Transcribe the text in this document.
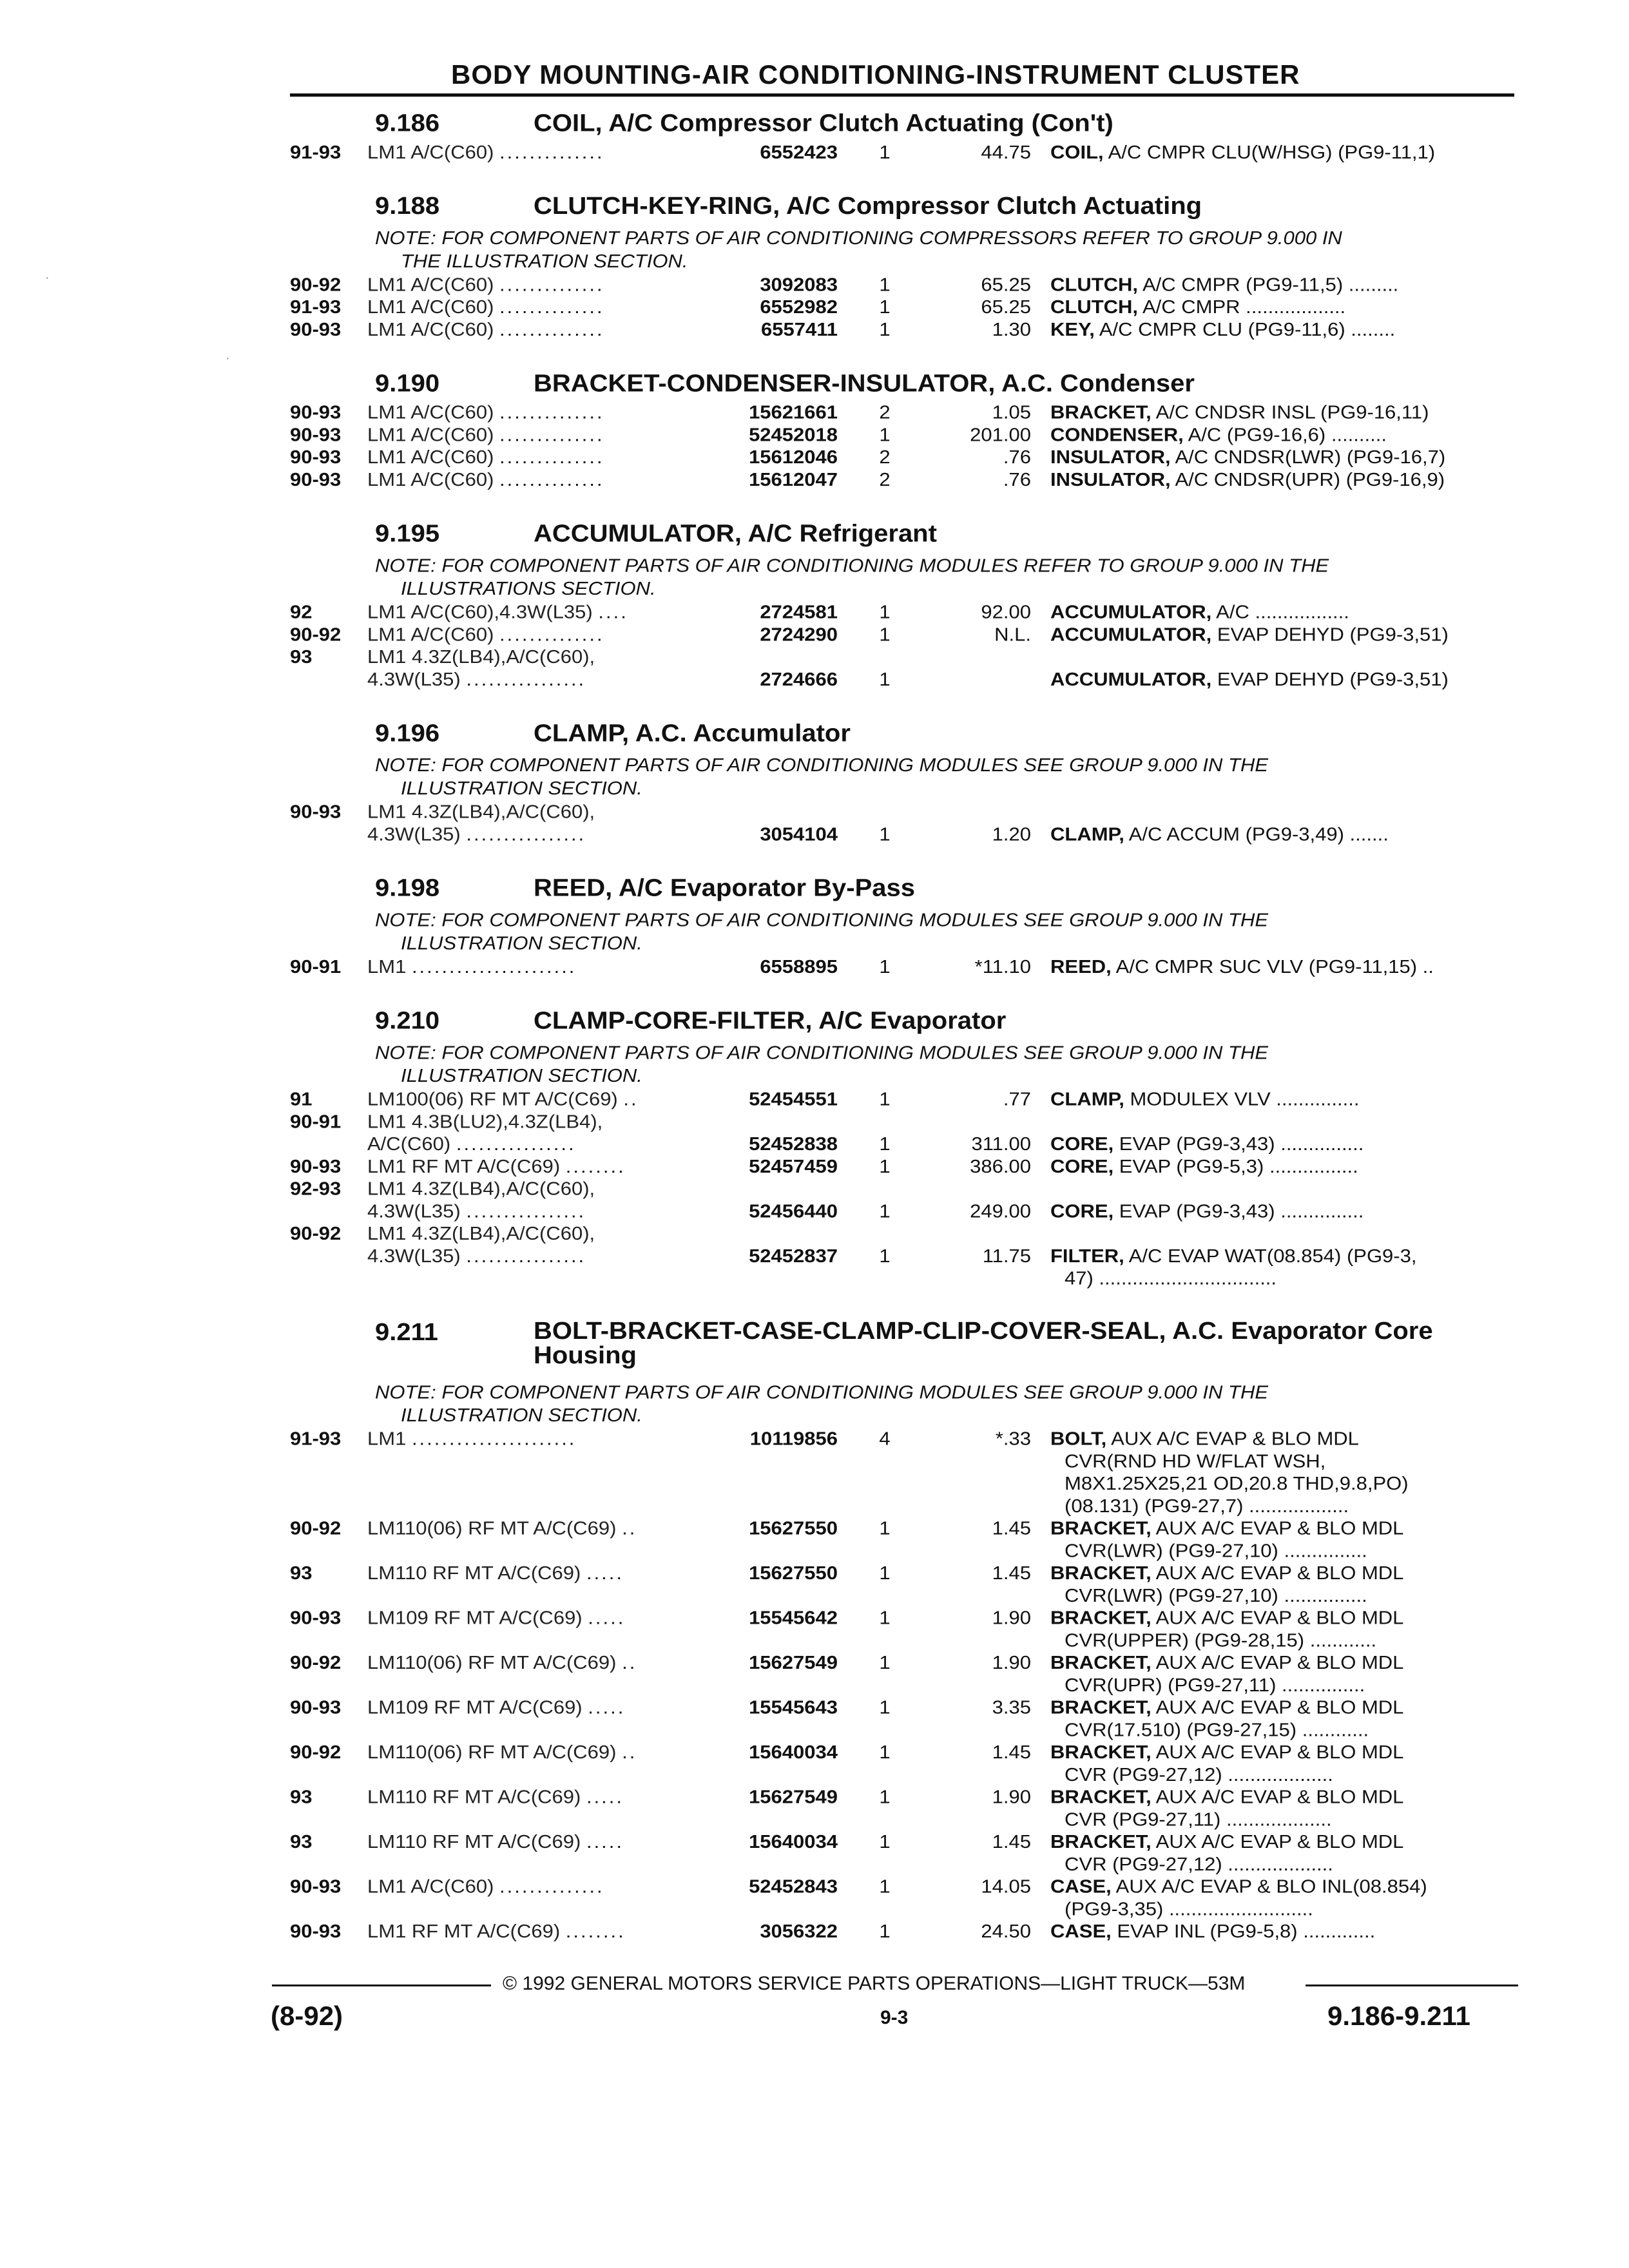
BODY MOUNTING-AIR CONDITIONING-INSTRUMENT CLUSTER
·
·
9.186	COIL, A/C Compressor Clutch Actuating (Con't)
91-93 LM1 A/C(C60) ..............	6552423 1	44.75 COIL, A/C CMPR CLU(W/HSG) (PG9-11,1)
9.188	CLUTCH-KEY-RING, A/C Compressor Clutch Actuating
NOTE: FOR COMPONENT PARTS OF AIR CONDITIONING COMPRESSORS REFER TO GROUP 9.000 IN
THE ILLUSTRATION SECTION.
90-92 LM1 A/C(C60) ..............	3092083 1	65.25 CLUTCH, A/C CMPR (PG9-11,5) .........
91-93 LM1 A/C(C60) ..............	6552982 1	65.25 CLUTCH, A/C CMPR ..................
90-93 LM1 A/C(C60) ..............	6557411 1	1.30 KEY, A/C CMPR CLU (PG9-11,6) ........
9.190	BRACKET-CONDENSER-INSULATOR, A.C. Condenser
90-93 LM1 A/C(C60) ..............	15621661 2	1.05 BRACKET, A/C CNDSR INSL (PG9-16,11)
90-93 LM1 A/C(C60) ..............	52452018 1	201.00 CONDENSER, A/C (PG9-16,6) ..........
90-93 LM1 A/C(C60) ..............	15612046 2	.76 INSULATOR, A/C CNDSR(LWR) (PG9-16,7)
90-93 LM1 A/C(C60) ..............	15612047 2	.76 INSULATOR, A/C CNDSR(UPR) (PG9-16,9)
9.195	ACCUMULATOR, A/C Refrigerant
NOTE: FOR COMPONENT PARTS OF AIR CONDITIONING MODULES REFER TO GROUP 9.000 IN THE
ILLUSTRATIONS SECTION.
92	LM1 A/C(C60),4.3W(L35) ....	2724581 1	92.00 ACCUMULATOR, A/C .................
90-92 LM1 A/C(C60) ..............	2724290 1	N.L. ACCUMULATOR, EVAP DEHYD (PG9-3,51)
93	LM1 4.3Z(LB4),A/C(C60),
4.3W(L35) ................	2724666 1	ACCUMULATOR, EVAP DEHYD (PG9-3,51)
9.196	CLAMP, A.C. Accumulator
NOTE: FOR COMPONENT PARTS OF AIR CONDITIONING MODULES SEE GROUP 9.000 IN THE
ILLUSTRATION SECTION.
90-93 LM1 4.3Z(LB4),A/C(C60),
4.3W(L35) ................	3054104 1	1.20 CLAMP, A/C ACCUM (PG9-3,49) .......
9.198	REED, A/C Evaporator By-Pass
NOTE: FOR COMPONENT PARTS OF AIR CONDITIONING MODULES SEE GROUP 9.000 IN THE
ILLUSTRATION SECTION.
90-91 LM1 ......................	6558895 1	*11.10 REED, A/C CMPR SUC VLV (PG9-11,15) ..
9.210	CLAMP-CORE-FILTER, A/C Evaporator
NOTE: FOR COMPONENT PARTS OF AIR CONDITIONING MODULES SEE GROUP 9.000 IN THE
ILLUSTRATION SECTION.
91	LM100(06) RF MT A/C(C69) ..	52454551 1	.77 CLAMP, MODULEX VLV ...............
90-91 LM1 4.3B(LU2),4.3Z(LB4),
A/C(C60) ................	52452838 1	311.00 CORE, EVAP (PG9-3,43) ...............
90-93 LM1 RF MT A/C(C69) ........	52457459 1	386.00 CORE, EVAP (PG9-5,3) ................
92-93 LM1 4.3Z(LB4),A/C(C60),
4.3W(L35) ................	52456440 1	249.00 CORE, EVAP (PG9-3,43) ...............
90-92 LM1 4.3Z(LB4),A/C(C60),
4.3W(L35) ................	52452837 1	11.75 FILTER, A/C EVAP WAT(08.854) (PG9-3,
47) ................................
9.211	BOLT-BRACKET-CASE-CLAMP-CLIP-COVER-SEAL, A.C. Evaporator Core Housing
NOTE: FOR COMPONENT PARTS OF AIR CONDITIONING MODULES SEE GROUP 9.000 IN THE
ILLUSTRATION SECTION.
91-93 LM1 ......................	10119856 4	*.33 BOLT, AUX A/C EVAP & BLO MDL
CVR(RND HD W/FLAT WSH,
M8X1.25X25,21 OD,20.8 THD,9.8,PO)
(08.131) (PG9-27,7) ..................
90-92 LM110(06) RF MT A/C(C69) ..	15627550 1	1.45 BRACKET, AUX A/C EVAP & BLO MDL
CVR(LWR) (PG9-27,10) ...............
93	LM110 RF MT A/C(C69) .....	15627550 1	1.45 BRACKET, AUX A/C EVAP & BLO MDL
CVR(LWR) (PG9-27,10) ...............
90-93 LM109 RF MT A/C(C69) .....	15545642 1	1.90 BRACKET, AUX A/C EVAP & BLO MDL
CVR(UPPER) (PG9-28,15) ............
90-92 LM110(06) RF MT A/C(C69) ..	15627549 1	1.90 BRACKET, AUX A/C EVAP & BLO MDL
CVR(UPR) (PG9-27,11) ...............
90-93 LM109 RF MT A/C(C69) .....	15545643 1	3.35 BRACKET, AUX A/C EVAP & BLO MDL
CVR(17.510) (PG9-27,15) ............
90-92 LM110(06) RF MT A/C(C69) ..	15640034 1	1.45 BRACKET, AUX A/C EVAP & BLO MDL
CVR (PG9-27,12) ...................
93	LM110 RF MT A/C(C69) .....	15627549 1	1.90 BRACKET, AUX A/C EVAP & BLO MDL
CVR (PG9-27,11) ...................
93	LM110 RF MT A/C(C69) .....	15640034 1	1.45 BRACKET, AUX A/C EVAP & BLO MDL
CVR (PG9-27,12) ...................
90-93 LM1 A/C(C60) ..............	52452843 1	14.05 CASE, AUX A/C EVAP & BLO INL(08.854)
(PG9-3,35) ..........................
90-93 LM1 RF MT A/C(C69) ........	3056322 1	24.50 CASE, EVAP INL (PG9-5,8) .............
© 1992 GENERAL MOTORS SERVICE PARTS OPERATIONS—LIGHT TRUCK—53M
(8-92)	9-3	9.186-9.211
